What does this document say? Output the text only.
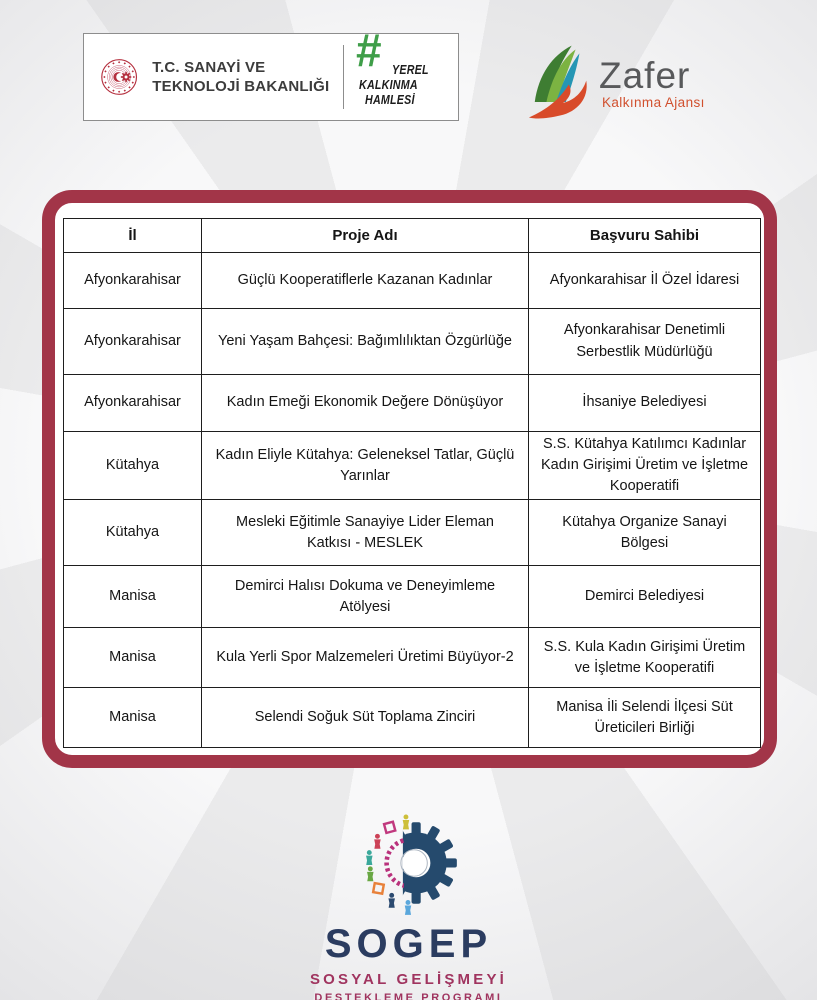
T.C. SANAYİ VE
TEKNOLOJİ BAKANLIĞI
# YEREL
KALKINMA
HAMLESİ
Zafer
Kalkınma Ajansı
İl	Proje Adı	Başvuru Sahibi
Afyonkarahisar	Güçlü Kooperatiflerle Kazanan Kadınlar	Afyonkarahisar İl Özel İdaresi
Afyonkarahisar	Yeni Yaşam Bahçesi: Bağımlılıktan Özgürlüğe	Afyonkarahisar Denetimli Serbestlik Müdürlüğü
Afyonkarahisar	Kadın Emeği Ekonomik Değere Dönüşüyor	İhsaniye Belediyesi
Kütahya	Kadın Eliyle Kütahya: Geleneksel Tatlar, Güçlü Yarınlar	S.S. Kütahya Katılımcı Kadınlar Kadın Girişimi Üretim ve İşletme Kooperatifi
Kütahya	Mesleki Eğitimle Sanayiye Lider Eleman Katkısı - MESLEK	Kütahya Organize Sanayi Bölgesi
Manisa	Demirci Halısı Dokuma ve Deneyimleme Atölyesi	Demirci Belediyesi
Manisa	Kula Yerli Spor Malzemeleri Üretimi Büyüyor-2	S.S. Kula Kadın Girişimi Üretim ve İşletme Kooperatifi
Manisa	Selendi Soğuk Süt Toplama Zinciri	Manisa İli Selendi İlçesi Süt Üreticileri Birliği
SOGEP
SOSYAL GELİŞMEYİ
DESTEKLEME PROGRAMI
